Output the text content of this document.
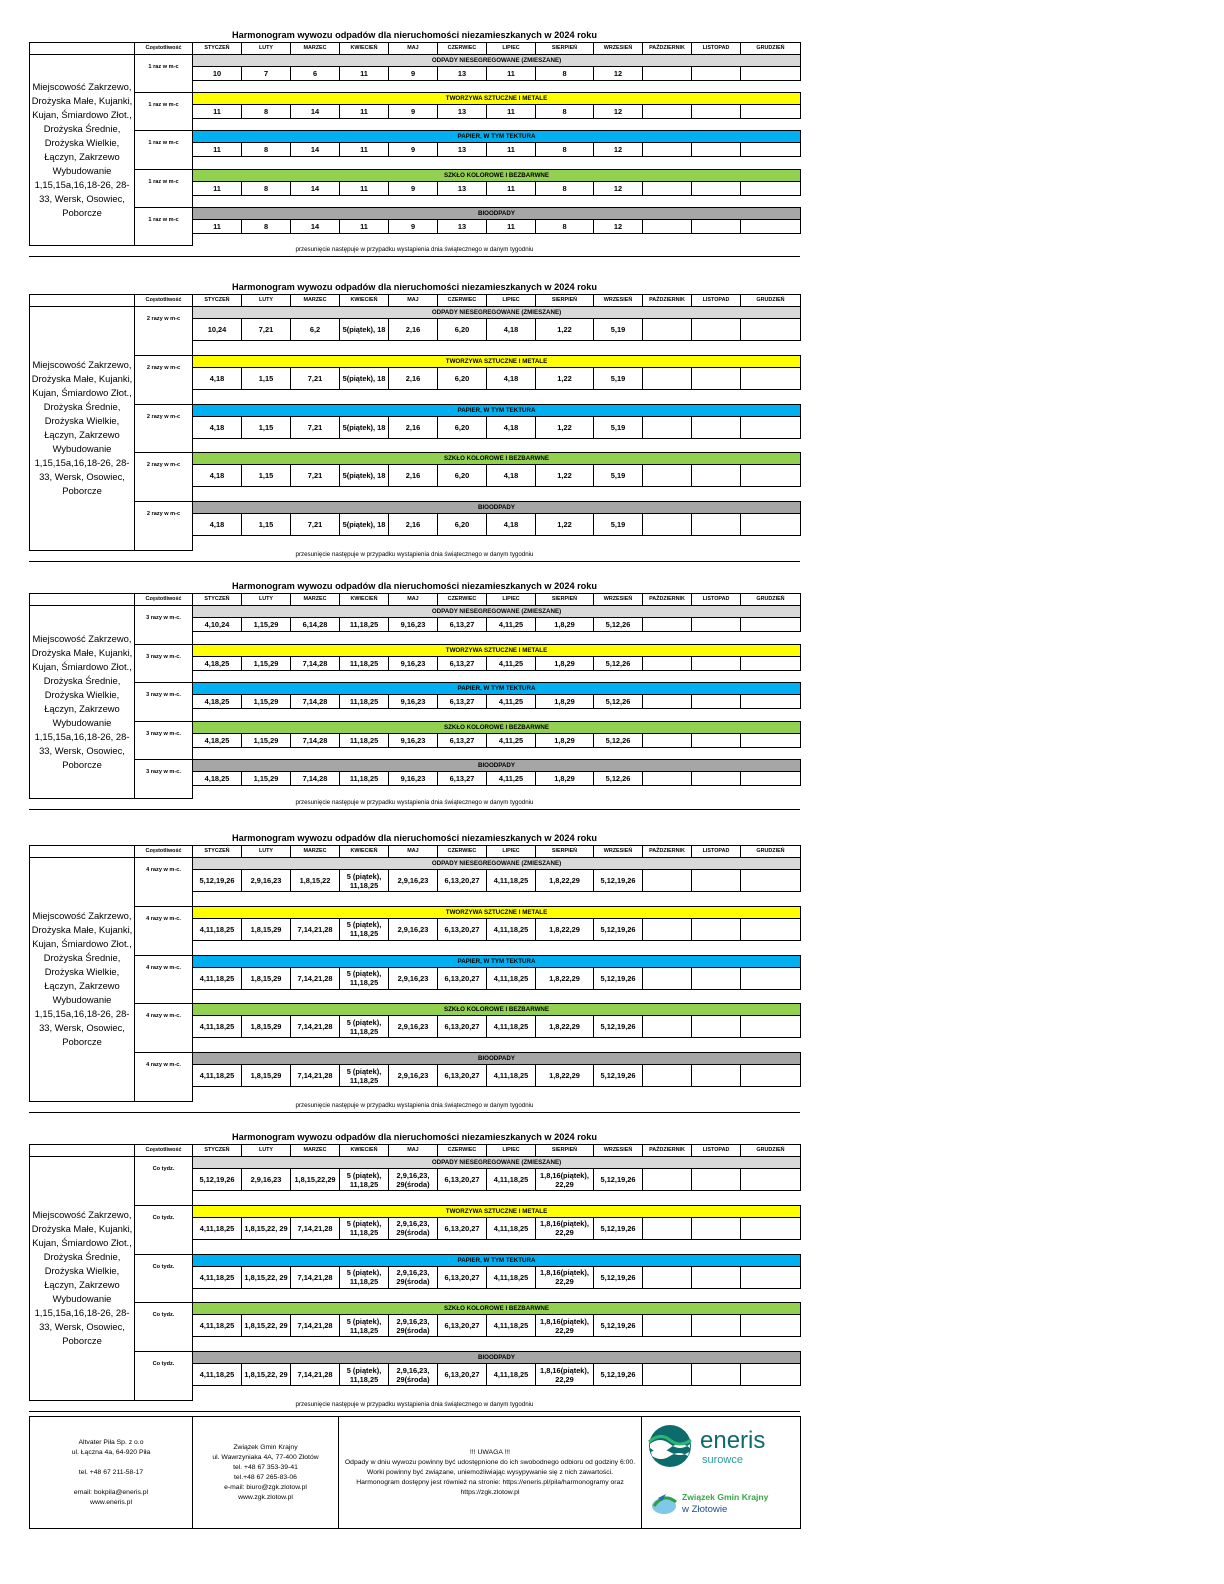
Harmonogram wywozu odpadów dla nieruchomości niezamieszkanych w 2024 roku
	Częstotliwość	STYCZEŃ	LUTY	MARZEC	KWIECIEŃ	MAJ	CZERWIEC	LIPIEC	SIERPIEŃ	WRZESIEŃ	PAŹDZIERNIK	LISTOPAD	GRUDZIEŃ
Miejscowość Zakrzewo, Drożyska Małe, Kujanki, Kujan, Śmiardowo Złot., Drożyska Średnie, Drożyska Wielkie, Łączyn, Zakrzewo Wybudowanie 1,15,15a,16,18-26, 28-33, Wersk, Osowiec, Poborcze	1 raz w m-c	ODPADY NIESEGREGOWANE (ZMIESZANE)											
		10	7	6	11	9	13	11	8	12			

	1 raz w m-c	TWORZYWA SZTUCZNE I METALE											
		11	8	14	11	9	13	11	8	12			

	1 raz w m-c	PAPIER, W TYM TEKTURA											
		11	8	14	11	9	13	11	8	12			

	1 raz w m-c	SZKŁO KOLOROWE I BEZBARWNE											
		11	8	14	11	9	13	11	8	12			

	1 raz w m-c	BIOODPADY											
		11	8	14	11	9	13	11	8	12			

przesunięcie następuje w przypadku wystąpienia dnia świątecznego w danym tygodniu
Harmonogram wywozu odpadów dla nieruchomości niezamieszkanych w 2024 roku
	Częstotliwość	STYCZEŃ	LUTY	MARZEC	KWIECIEŃ	MAJ	CZERWIEC	LIPIEC	SIERPIEŃ	WRZESIEŃ	PAŹDZIERNIK	LISTOPAD	GRUDZIEŃ
Miejscowość Zakrzewo, Drożyska Małe, Kujanki, Kujan, Śmiardowo Złot., Drożyska Średnie, Drożyska Wielkie, Łączyn, Zakrzewo Wybudowanie 1,15,15a,16,18-26, 28-33, Wersk, Osowiec, Poborcze	2 razy w m-c	ODPADY NIESEGREGOWANE (ZMIESZANE)											
		10,24	7,21	6,2	5(piątek), 18	2,16	6,20	4,18	1,22	5,19			

	2 razy w m-c	TWORZYWA SZTUCZNE I METALE											
		4,18	1,15	7,21	5(piątek), 18	2,16	6,20	4,18	1,22	5,19			

	2 razy w m-c	PAPIER, W TYM TEKTURA											
		4,18	1,15	7,21	5(piątek), 18	2,16	6,20	4,18	1,22	5,19			

	2 razy w m-c	SZKŁO KOLOROWE I BEZBARWNE											
		4,18	1,15	7,21	5(piątek), 18	2,16	6,20	4,18	1,22	5,19			

	2 razy w m-c	BIOODPADY											
		4,18	1,15	7,21	5(piątek), 18	2,16	6,20	4,18	1,22	5,19			

przesunięcie następuje w przypadku wystąpienia dnia świątecznego w danym tygodniu
Harmonogram wywozu odpadów dla nieruchomości niezamieszkanych w 2024 roku
	Częstotliwość	STYCZEŃ	LUTY	MARZEC	KWIECIEŃ	MAJ	CZERWIEC	LIPIEC	SIERPIEŃ	WRZESIEŃ	PAŹDZIERNIK	LISTOPAD	GRUDZIEŃ
Miejscowość Zakrzewo, Drożyska Małe, Kujanki, Kujan, Śmiardowo Złot., Drożyska Średnie, Drożyska Wielkie, Łączyn, Zakrzewo Wybudowanie 1,15,15a,16,18-26, 28-33, Wersk, Osowiec, Poborcze	3 razy w m-c.	ODPADY NIESEGREGOWANE (ZMIESZANE)											
		4,10,24	1,15,29	6,14,28	11,18,25	9,16,23	6,13,27	4,11,25	1,8,29	5,12,26			

	3 razy w m-c.	TWORZYWA SZTUCZNE I METALE											
		4,18,25	1,15,29	7,14,28	11,18,25	9,16,23	6,13,27	4,11,25	1,8,29	5,12,26			

	3 razy w m-c.	PAPIER, W TYM TEKTURA											
		4,18,25	1,15,29	7,14,28	11,18,25	9,16,23	6,13,27	4,11,25	1,8,29	5,12,26			

	3 razy w m-c.	SZKŁO KOLOROWE I BEZBARWNE											
		4,18,25	1,15,29	7,14,28	11,18,25	9,16,23	6,13,27	4,11,25	1,8,29	5,12,26			

	3 razy w m-c.	BIOODPADY											
		4,18,25	1,15,29	7,14,28	11,18,25	9,16,23	6,13,27	4,11,25	1,8,29	5,12,26			

przesunięcie następuje w przypadku wystąpienia dnia świątecznego w danym tygodniu
Harmonogram wywozu odpadów dla nieruchomości niezamieszkanych w 2024 roku
	Częstotliwość	STYCZEŃ	LUTY	MARZEC	KWIECIEŃ	MAJ	CZERWIEC	LIPIEC	SIERPIEŃ	WRZESIEŃ	PAŹDZIERNIK	LISTOPAD	GRUDZIEŃ
Miejscowość Zakrzewo, Drożyska Małe, Kujanki, Kujan, Śmiardowo Złot., Drożyska Średnie, Drożyska Wielkie, Łączyn, Zakrzewo Wybudowanie 1,15,15a,16,18-26, 28-33, Wersk, Osowiec, Poborcze	4 razy w m-c.	ODPADY NIESEGREGOWANE (ZMIESZANE)											
		5,12,19,26	2,9,16,23	1,8,15,22	5 (piątek), 11,18,25	2,9,16,23	6,13,20,27	4,11,18,25	1,8,22,29	5,12,19,26			

	4 razy w m-c.	TWORZYWA SZTUCZNE I METALE											
		4,11,18,25	1,8,15,29	7,14,21,28	5 (piątek), 11,18,25	2,9,16,23	6,13,20,27	4,11,18,25	1,8,22,29	5,12,19,26			

	4 razy w m-c.	PAPIER, W TYM TEKTURA											
		4,11,18,25	1,8,15,29	7,14,21,28	5 (piątek), 11,18,25	2,9,16,23	6,13,20,27	4,11,18,25	1,8,22,29	5,12,19,26			

	4 razy w m-c.	SZKŁO KOLOROWE I BEZBARWNE											
		4,11,18,25	1,8,15,29	7,14,21,28	5 (piątek), 11,18,25	2,9,16,23	6,13,20,27	4,11,18,25	1,8,22,29	5,12,19,26			

	4 razy w m-c.	BIOODPADY											
		4,11,18,25	1,8,15,29	7,14,21,28	5 (piątek), 11,18,25	2,9,16,23	6,13,20,27	4,11,18,25	1,8,22,29	5,12,19,26			

przesunięcie następuje w przypadku wystąpienia dnia świątecznego w danym tygodniu
Harmonogram wywozu odpadów dla nieruchomości niezamieszkanych w 2024 roku
	Częstotliwość	STYCZEŃ	LUTY	MARZEC	KWIECIEŃ	MAJ	CZERWIEC	LIPIEC	SIERPIEŃ	WRZESIEŃ	PAŹDZIERNIK	LISTOPAD	GRUDZIEŃ
Miejscowość Zakrzewo, Drożyska Małe, Kujanki, Kujan, Śmiardowo Złot., Drożyska Średnie, Drożyska Wielkie, Łączyn, Zakrzewo Wybudowanie 1,15,15a,16,18-26, 28-33, Wersk, Osowiec, Poborcze	Co tydz.	ODPADY NIESEGREGOWANE (ZMIESZANE)											
		5,12,19,26	2,9,16,23	1,8,15,22,29	5 (piątek), 11,18,25	2,9,16,23, 29(środa)	6,13,20,27	4,11,18,25	1,8,16(piątek), 22,29	5,12,19,26			

	Co tydz.	TWORZYWA SZTUCZNE I METALE											
		4,11,18,25	1,8,15,22, 29	7,14,21,28	5 (piątek), 11,18,25	2,9,16,23, 29(środa)	6,13,20,27	4,11,18,25	1,8,16(piątek), 22,29	5,12,19,26			

	Co tydz.	PAPIER, W TYM TEKTURA											
		4,11,18,25	1,8,15,22, 29	7,14,21,28	5 (piątek), 11,18,25	2,9,16,23, 29(środa)	6,13,20,27	4,11,18,25	1,8,16(piątek), 22,29	5,12,19,26			

	Co tydz.	SZKŁO KOLOROWE I BEZBARWNE											
		4,11,18,25	1,8,15,22, 29	7,14,21,28	5 (piątek), 11,18,25	2,9,16,23, 29(środa)	6,13,20,27	4,11,18,25	1,8,16(piątek), 22,29	5,12,19,26			

	Co tydz.	BIOODPADY											
		4,11,18,25	1,8,15,22, 29	7,14,21,28	5 (piątek), 11,18,25	2,9,16,23, 29(środa)	6,13,20,27	4,11,18,25	1,8,16(piątek), 22,29	5,12,19,26			

przesunięcie następuje w przypadku wystąpienia dnia świątecznego w danym tygodniu
Altvater Piła Sp. z o.o
ul. Łączna 4a, 64-920 Piła

tel. +48 67 211-58-17

email: bokpila@eneris.pl
www.eneris.pl

Związek Gmin Krajny
ul. Wawrzyniaka 4A, 77-400 Złotów
tel. +48 67 353-39-41
tel.+48 67 265-83-06
e-mail: biuro@zgk.zlotow.pl
www.zgk.zlotow.pl

!!! UWAGA !!!
Odpady w dniu wywozu powinny być udostępnione do ich swobodnego odbioru od godziny 6:00.
Worki powinny być związane, uniemożliwiając wysypywanie się z nich zawartości.
Harmonogram dostępny jest również na stronie: https://eneris.pl/pila/harmonogramy oraz https://zgk.zlotow.pl

eneris
surowce
Związek Gmin Krajny
w Złotowie
